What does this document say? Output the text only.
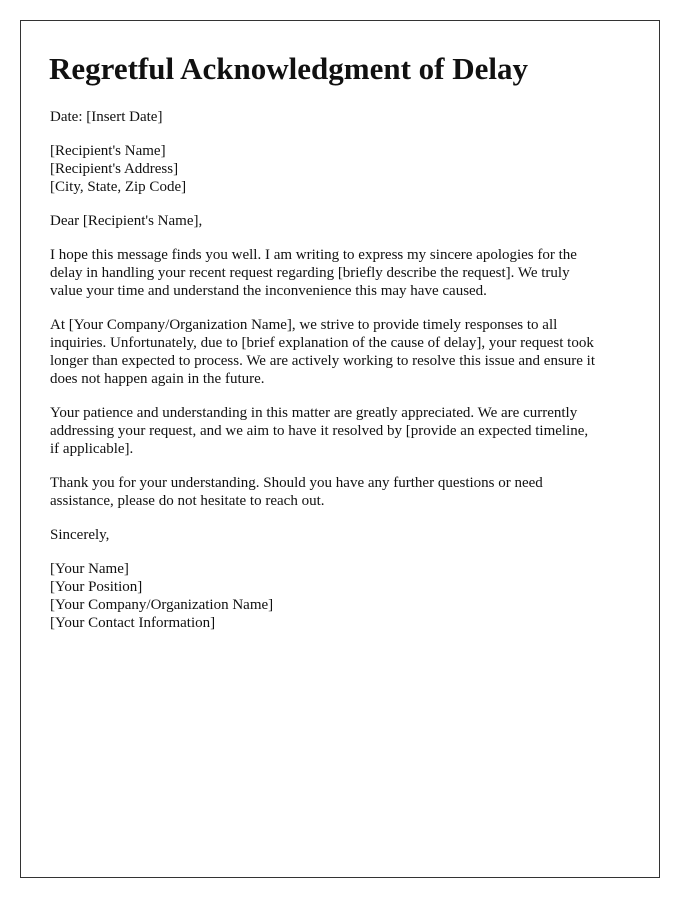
Regretful Acknowledgment of Delay

Date: [Insert Date]

[Recipient's Name]
[Recipient's Address]
[City, State, Zip Code]

Dear [Recipient's Name],

I hope this message finds you well. I am writing to express my sincere apologies for the
delay in handling your recent request regarding [briefly describe the request]. We truly
value your time and understand the inconvenience this may have caused.
At [Your Company/Organization Name], we strive to provide timely responses to all
inquiries. Unfortunately, due to [brief explanation of the cause of delay], your request took
longer than expected to process. We are actively working to resolve this issue and ensure it
does not happen again in the future.
Your patience and understanding in this matter are greatly appreciated. We are currently
addressing your request, and we aim to have it resolved by [provide an expected timeline,
if applicable].
Thank you for your understanding. Should you have any further questions or need
assistance, please do not hesitate to reach out.

Sincerely,

[Your Name]
[Your Position]
[Your Company/Organization Name]
[Your Contact Information]
